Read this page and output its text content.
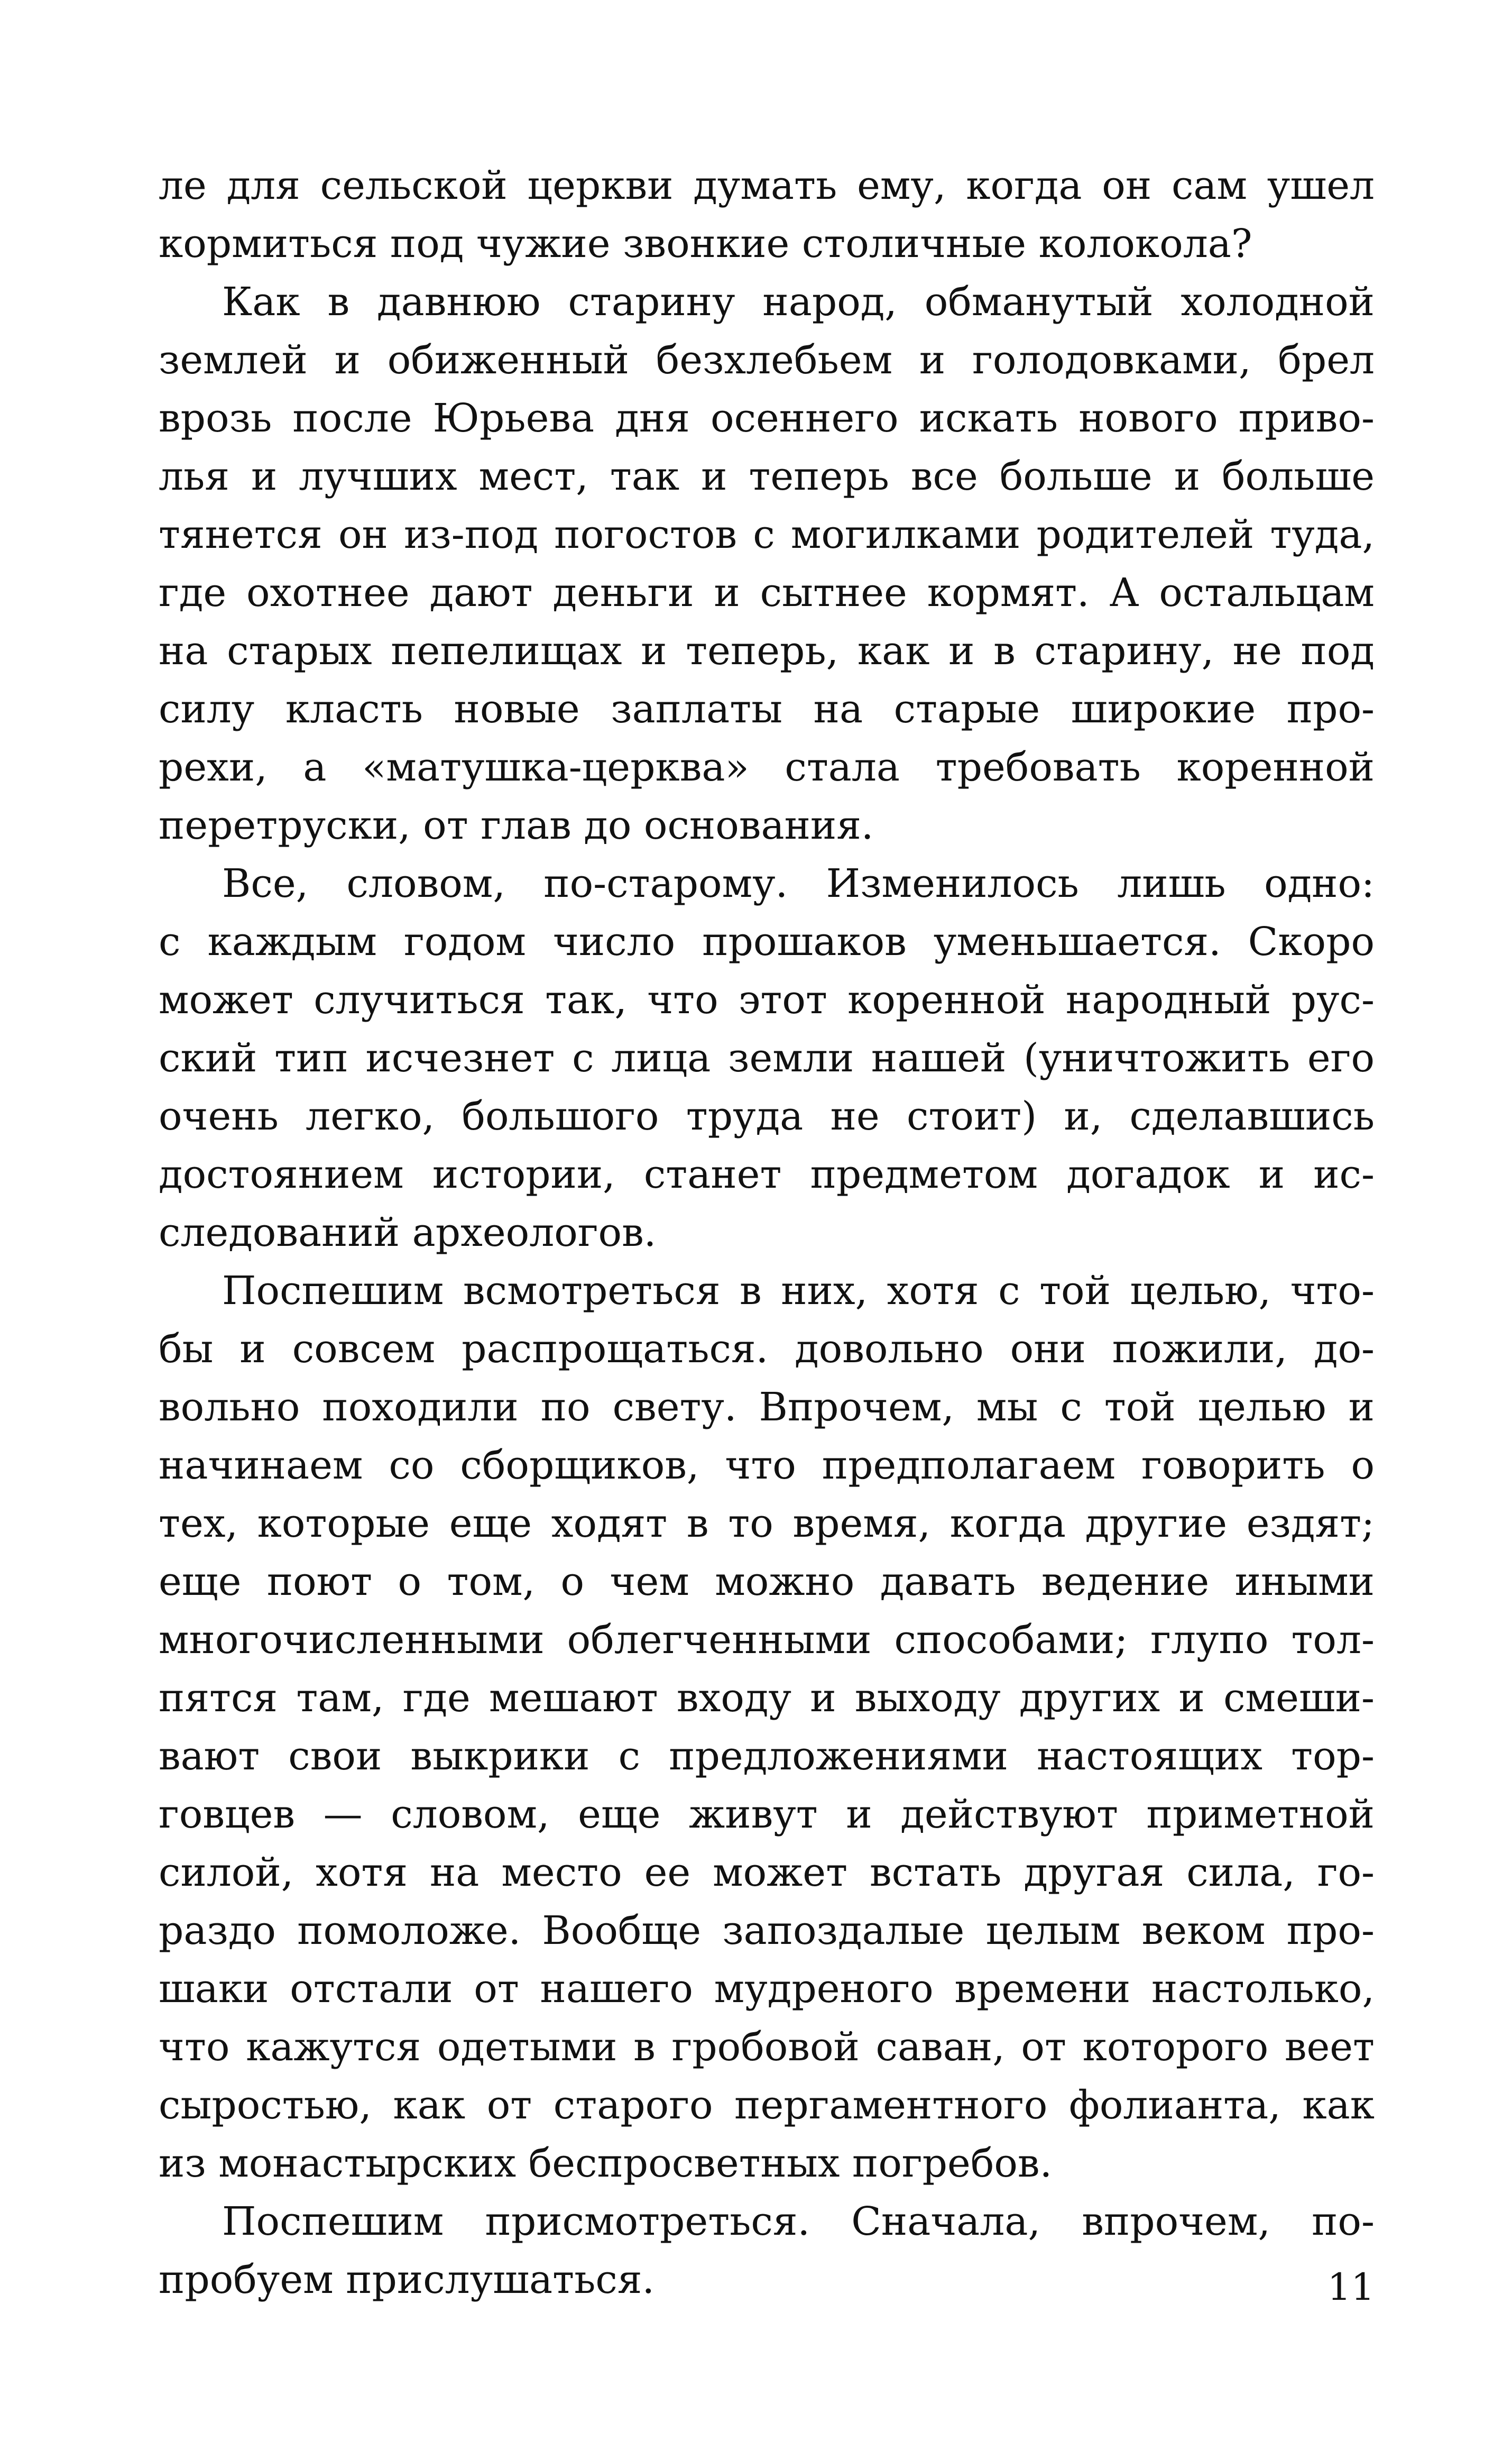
ле для сельской церкви думать ему, когда он сам ушел
кормиться под чужие звонкие столичные колокола?
Как в давнюю старину народ, обманутый холодной
землей и обиженный безхлебьем и голодовками, брел
врозь после Юрьева дня осеннего искать нового приво-
лья и лучших мест, так и теперь все больше и больше
тянется он из-под погостов с могилками родителей туда,
где охотнее дают деньги и сытнее кормят. А остальцам
на старых пепелищах и теперь, как и в старину, не под
силу класть новые заплаты на старые широкие про-
рехи, а «матушка-церква» стала требовать коренной
перетруски, от глав до основания.
Все, словом, по-старому. Изменилось лишь одно:
с каждым годом число прошаков уменьшается. Скоро
может случиться так, что этот коренной народный рус-
ский тип исчезнет с лица земли нашей (уничтожить его
очень легко, большого труда не стоит) и, сделавшись
достоянием истории, станет предметом догадок и ис-
следований археологов.
Поспешим всмотреться в них, хотя с той целью, что-
бы и совсем распрощаться. довольно они пожили, до-
вольно походили по свету. Впрочем, мы с той целью и
начинаем со сборщиков, что предполагаем говорить о
тех, которые еще ходят в то время, когда другие ездят;
еще поют о том, о чем можно давать ведение иными
многочисленными облегченными способами; глупо тол-
пятся там, где мешают входу и выходу других и смеши-
вают свои выкрики с предложениями настоящих тор-
говцев — словом, еще живут и действуют приметной
силой, хотя на место ее может встать другая сила, го-
раздо помоложе. Вообще запоздалые целым веком про-
шаки отстали от нашего мудреного времени настолько,
что кажутся одетыми в гробовой саван, от которого веет
сыростью, как от старого пергаментного фолианта, как
из монастырских беспросветных погребов.
Поспешим присмотреться. Сначала, впрочем, по-
пробуем прислушаться.	11
